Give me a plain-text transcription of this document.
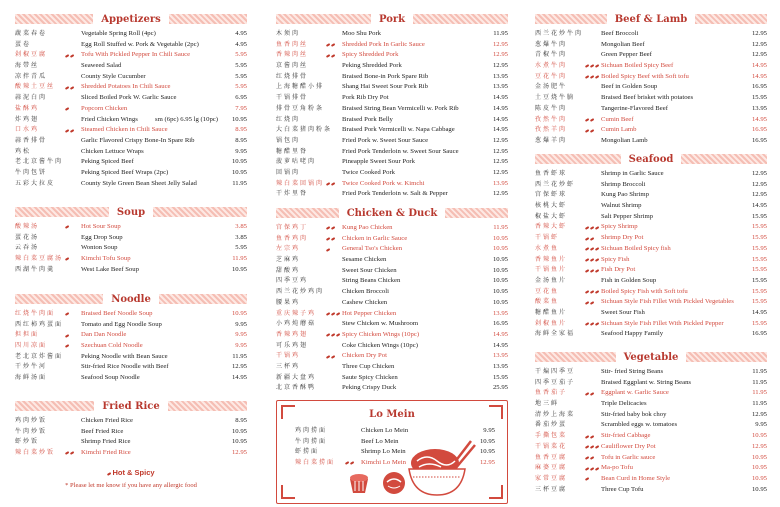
Appetizers
蔬菜春卷	Vegetable Spring Roll (4pc)	4.95
蛋卷	Egg Roll Stuffed w. Pork & Vegetable (2pc)	4.95
剁椒豆腐	Tofu With Pickled Pepper In Chili Sauce	5.95
海带丝	Seaweed Salad	5.95
凉拌青瓜	County Style Cucumber	5.95
酸辣土豆丝	Shredded Potatoes In Chili Sauce	5.95
蒜泥白肉	Sliced Boiled Pork W. Garlic Sauce	6.95
盐酥鸡	Popcorn Chicken	7.95
炸鸡翅	Fried Chicken Wings	sm (6pc) 6.95 lg (10pc)	10.95
口水鸡	Steamed Chicken in Chili Sauce	8.95
蒜香排骨	Garlic Flavored Crispy Bone-In Spare Rib	8.95
鸡松	Chicken Lettuce Wraps	9.95
老北京酱牛肉	Peking Spiced Beef	10.95
牛肉包饼	Peking Spiced Beef Wraps (2pc)	10.95
五彩大拉皮	County Style Green Bean Sheet Jelly Salad	11.95
Soup
酸辣汤	Hot Sour Soup	3.85
蛋花汤	Egg Drop Soup	3.85
云吞汤	Wonton Soup	5.95
辣白菜豆腐汤	Kimchi Tofu Soup	11.95
西湖牛肉羹	West Lake Beef Soup	10.95
Noodle
红烧牛肉面	Braised Beef Noodle Soup	10.95
西红柿鸡蛋面	Tomato and Egg Noodle Soup	9.95
担担面	Dan Dan Noodle	9.95
四川凉面	Szechuan Cold Noodle	9.95
老北京炸酱面	Peking Noodle with Bean Sauce	11.95
干炒牛河	Stir-fried Rice Noodle with Beef	12.95
海鲜汤面	Seafood Soup Noodle	14.95
Fried Rice
鸡肉炒饭	Chicken Fried Rice	8.95
牛肉炒饭	Beef Fried Rice	10.95
虾炒饭	Shrimp Fried Rice	10.95
辣白菜炒饭	Kimchi Fried Rice	12.95
Hot & Spicy
* Please let me know if you have any allergic food
Pork
木须肉	Moo Shu Pork	11.95
鱼香肉丝	Shredded Pork In Garlic Sauce	12.95
香辣肉丝	Spicy Shredded Pork	12.95
京酱肉丝	Peking Shredded Pork	12.95
红烧排骨	Braised Bone-in Pork Spare Rib	13.95
上海糖醋小排	Shang Hai Sweet Sour Pork Rib	13.95
干锅排骨	Pork Rib Dry Pot	14.95
排骨豆角粉条	Braised String Bean Vermicelli w. Pork Rib	14.95
红烧肉	Braised Pork Belly	14.95
大白菜猪肉粉条 Braised Pork Vermicelli w. Napa Cabbage	14.95
锅包肉	Fried Pork w. Sweet Sour Sauce	12.95
糖醋里脊	Fried Pork Tenderloin w. Sweet Sour Sauce	12.95
菠萝咕咾肉	Pineapple Sweet Sour Pork	12.95
回锅肉	Twice Cooked Pork	12.95
辣白菜回锅肉	Twice Cooked Pork w. Kimchi	13.95
干炸里脊	Fried Pork Tenderloin w. Salt & Pepper	12.95
Chicken & Duck
宫保鸡丁	Kung Pao Chicken	11.95
鱼香鸡肉	Chicken in Garlic Sauce	10.95
左宗鸡	General Tso's Chicken	10.95
芝麻鸡	Sesame Chicken	10.95
甜酸鸡	Sweet Sour Chicken	10.95
四季豆鸡	String Beans Chicken	10.95
西兰花炒鸡肉	Chicken Broccoli	10.95
腰果鸡	Cashew Chicken	10.95
重庆辣子鸡	Hot Pepper Chicken	13.95
小鸡炖蘑菇	Stew Chicken w. Mushroom	16.95
香辣鸡翅	Spicy Chicken Wings (10pc)	14.95
可乐鸡翅	Coke Chicken Wings (10pc)	14.95
干锅鸡	Chicken Dry Pot	13.95
三杯鸡	Three Cup Chicken	13.95
新疆大盘鸡	Saute Spicy Chicken	15.95
北京香酥鸭	Peking Crispy Duck	25.95
Lo Mein
鸡肉捞面	Chicken Lo Mein	9.95
牛肉捞面	Beef Lo Mein	10.95
虾捞面	Shrimp Lo Mein	10.95
辣白菜捞面	Kimchi Lo Mein	12.95
Beef & Lamb
西兰花炒牛肉	Beef Broccoli	12.95
葱爆牛肉	Mongolian Beef	12.95
青椒牛肉	Green Pepper Beef	12.95
水煮牛肉	Sichuan Boiled Spicy Beef	14.95
豆花牛肉	Boiled Spicy Beef with Soft tofu	14.95
金汤肥牛	Beef in Golden Soup	16.95
土豆烧牛腩	Braised Beef brisket with potatoes	15.95
陈皮牛肉	Tangerine-Flavored Beef	13.95
孜然牛肉	Cumin Beef	14.95
孜然羊肉	Cumin Lamb	16.95
葱爆羊肉	Mongolian Lamb	16.95
Seafood
鱼香虾球	Shrimp in Garlic Sauce	12.95
西兰花炒虾	Shrimp Broccoli	12.95
宫保虾球	Kung Pao Shrimp	12.95
核桃大虾	Walnut Shrimp	14.95
椒盐大虾	Salt Pepper Shrimp	15.95
香辣大虾	Spicy Shrimp	15.95
干锅虾	Shrimp Dry Pot	15.95
水煮鱼	Sichuan Boiled Spicy fish	15.95
香辣鱼片	Spicy Fish	15.95
干锅鱼片	Fish Dry Pot	15.95
金汤鱼片	Fish in Golden Soup	15.95
豆花鱼	Boiled Spicy Fish with Soft tofu	15.95
酸菜鱼	Sichuan Style Fish Fillet With Pickled Vegetables	15.95
糖醋鱼片	Sweet Sour Fish	14.95
剁椒鱼片	Sichuan Style Fish Fillet With Pickled Pepper	15.95
海鲜全家福	Seafood Happy Family	16.95
Vegetable
干煸四季豆	Stir- fried String Beans	11.95
四季豆茄子	Braised Eggplant w. String Beans	11.95
鱼香茄子	Eggplant w. Garlic Sauce	11.95
地三鲜	Triple Delicacies	11.95
清炒上海菜	Stir-fried baby bok choy	12.95
番茄炒蛋	Scrambled eggs w. tomatoes	9.95
手撕包菜	Stir-fried Cabbage	10.95
干锅菜花	Cauliflower Dry Pot	12.95
鱼香豆腐	Tofu in Garlic sauce	10.95
麻婆豆腐	Ma-po Tofu	10.95
家常豆腐	Bean Curd in Home Style	10.95
三杯豆腐	Three Cup Tofu	10.95
